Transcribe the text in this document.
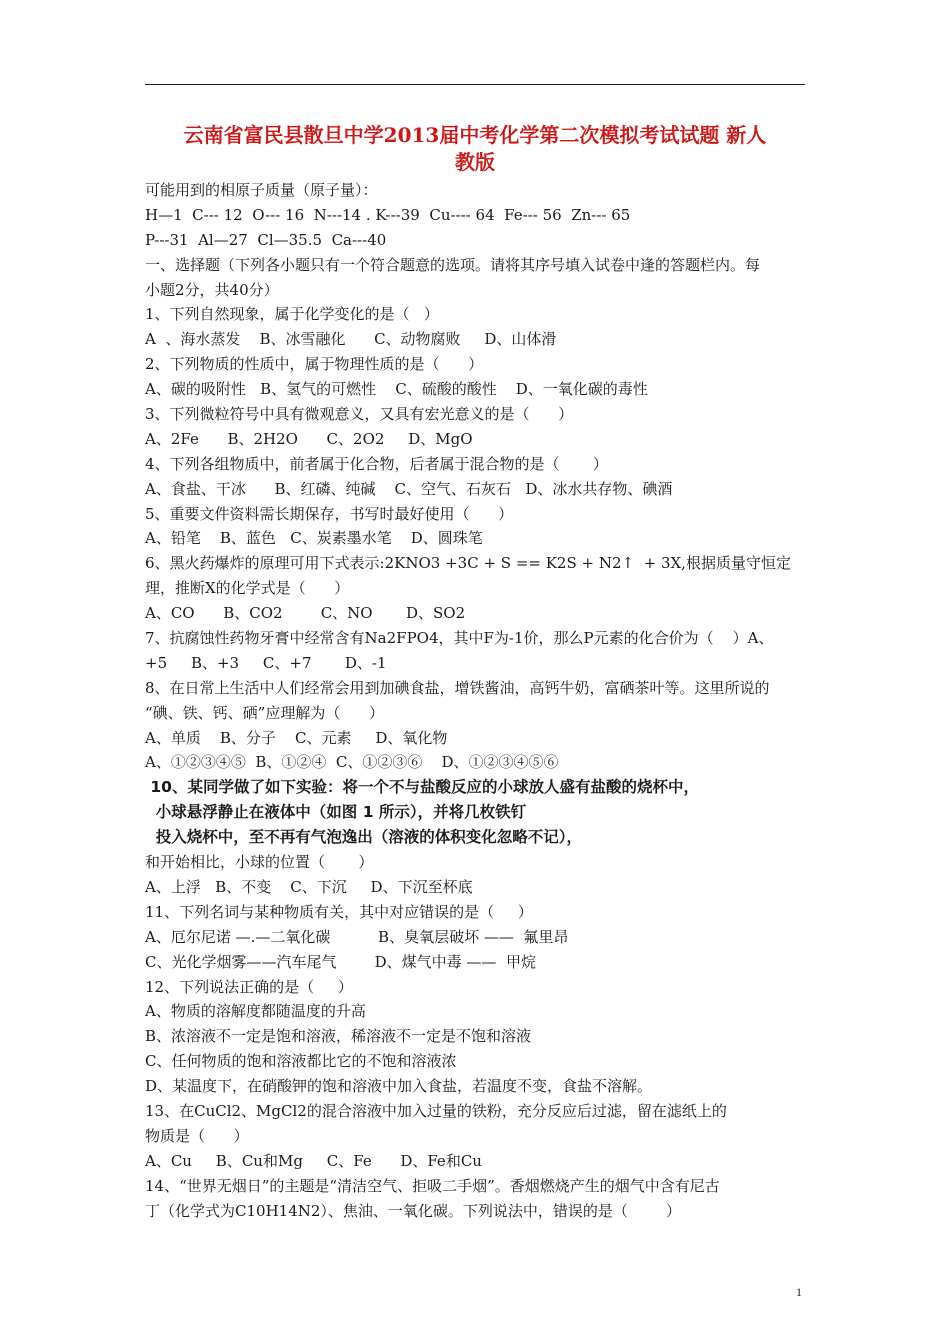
云南省富民县散旦中学2013届中考化学第二次模拟考试试题 新人
教版
可能用到的相原子质量（原子量）：
H—1  C--- 12  O--- 16  N---14 . K---39  Cu---- 64  Fe--- 56  Zn--- 65
P---31  Al—27  Cl—35.5  Ca---40
一、选择题（下列各小题只有一个符合题意的选项。请将其序号填入试卷中逢的答题栏内。每
小题2分，共40分）
1、下列自然现象，属于化学变化的是（   ）
A  、海水蒸发    B、冰雪融化      C、动物腐败     D、山体滑
2、下列物质的性质中，属于物理性质的是（      ）
A、碳的吸附性   B、氢气的可燃性    C、硫酸的酸性    D、一氧化碳的毒性
3、下列微粒符号中具有微观意义，又具有宏光意义的是（      ）
A、2Fe      B、2H2O      C、2O2     D、MgO
4、下列各组物质中，前者属于化合物，后者属于混合物的是（       ）
A、食盐、干冰      B、红磷、纯碱    C、空气、石灰石   D、冰水共存物、碘酒
5、重要文件资料需长期保存，书写时最好使用（      ）
A、铅笔    B、蓝色   C、炭素墨水笔    D、圆珠笔
6、黑火药爆炸的原理可用下式表示:2KNO3 +3C + S == K2S + N2↑  + 3X,根据质量守恒定
理，推断X的化学式是（      ）
A、CO      B、CO2        C、NO       D、SO2
7、抗腐蚀性药物牙膏中经常含有Na2FPO4，其中F为-1价，那么P元素的化合价为（    ）A、
+5     B、+3     C、+7       D、-1
8、在日常上生活中人们经常会用到加碘食盐，增铁酱油，高钙牛奶，富硒茶叶等。这里所说的
“碘、铁、钙、硒”应理解为（      ）
A、单质    B、分子    C、元素     D、氧化物
A、①②③④⑤  B、①②④  C、①②③⑥    D、①②③④⑤⑥
10、某同学做了如下实验：将一个不与盐酸反应的小球放人盛有盐酸的烧杯中，
小球悬浮静止在液体中（如图 1 所示），并将几枚铁钉
投入烧杯中，至不再有气泡逸出（溶液的体积变化忽略不记），
和开始相比，小球的位置（       ）
A、上浮   B、不变    C、下沉     D、下沉至杯底
11、下列名词与某种物质有关，其中对应错误的是（     ）
A、厄尔尼诺 —.—二氧化碳          B、臭氧层破坏 ——  氟里昂
C、光化学烟雾——汽车尾气        D、煤气中毒 ——  甲烷
12、下列说法正确的是（     ）
A、物质的溶解度都随温度的升高
B、浓溶液不一定是饱和溶液，稀溶液不一定是不饱和溶液
C、任何物质的饱和溶液都比它的不饱和溶液浓
D、某温度下，在硝酸钾的饱和溶液中加入食盐，若温度不变，食盐不溶解。
13、在CuCl2、MgCl2的混合溶液中加入过量的铁粉，充分反应后过滤，留在滤纸上的
物质是（      ）
A、Cu     B、Cu和Mg     C、Fe      D、Fe和Cu
14、“世界无烟日”的主题是“清洁空气、拒吸二手烟”。香烟燃烧产生的烟气中含有尼古
丁（化学式为C10H14N2）、焦油、一氧化碳。下列说法中，错误的是（        ）
1
